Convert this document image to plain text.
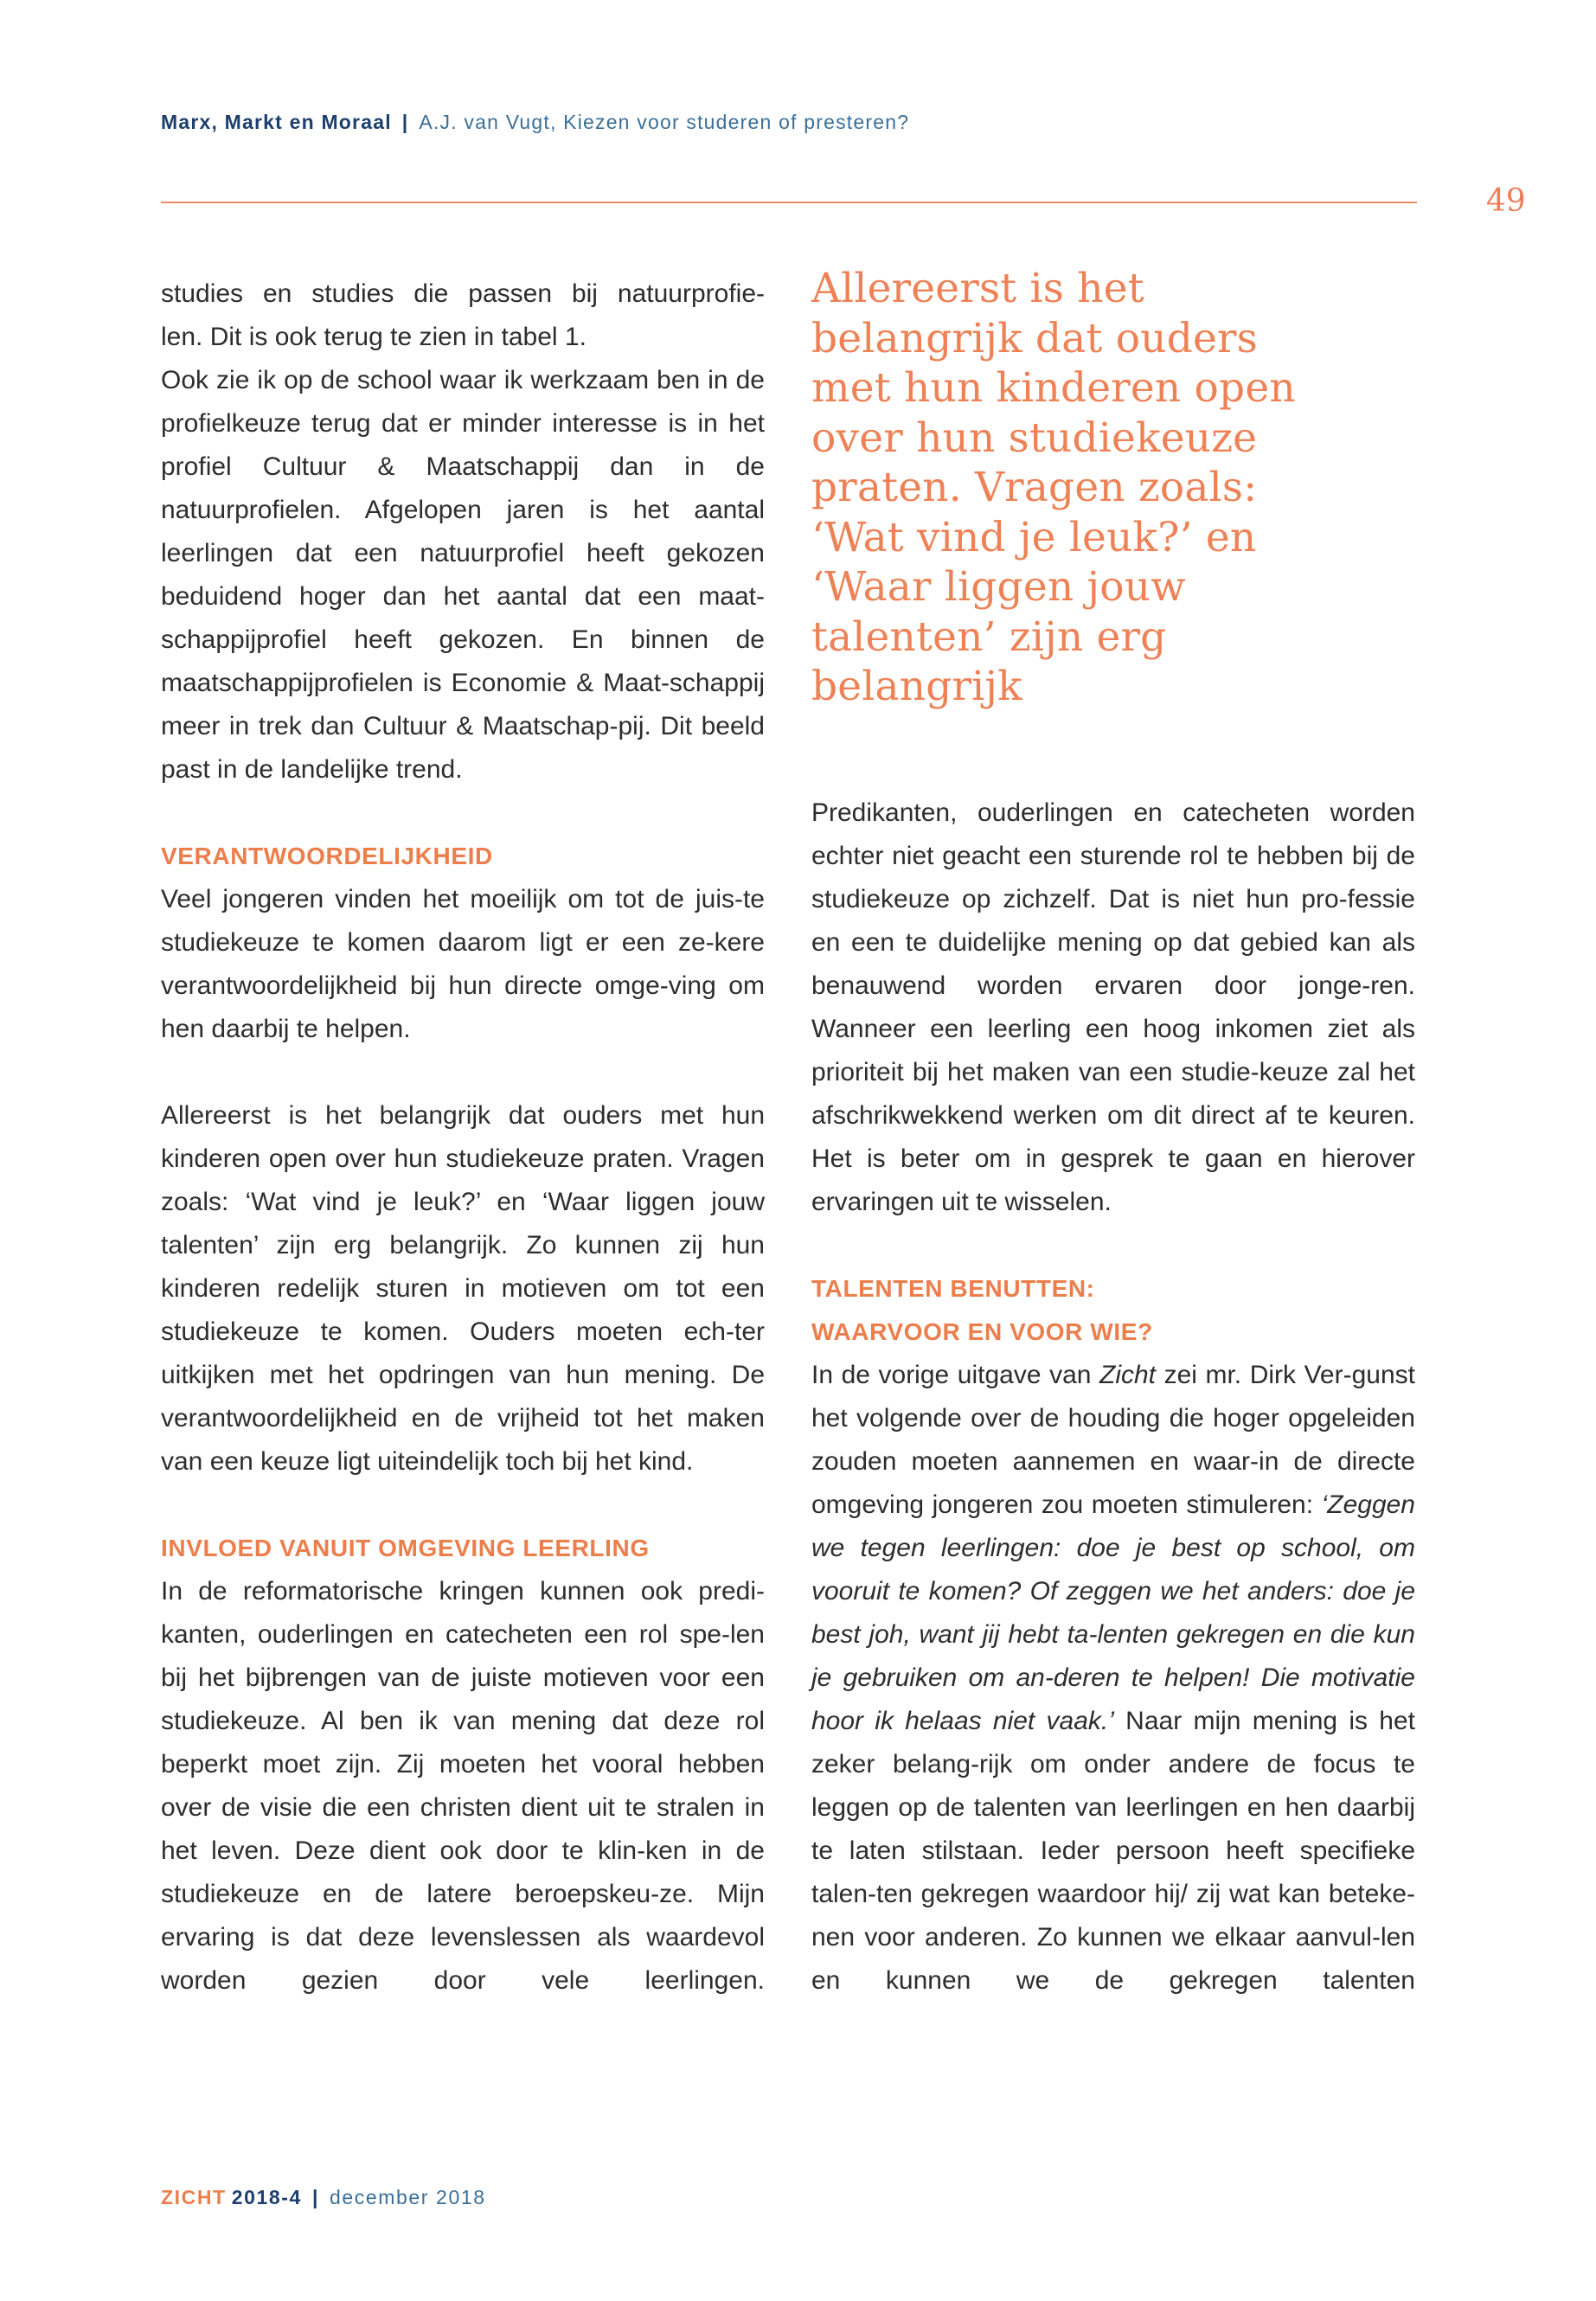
Marx, Markt en Moraal | A.J. van Vugt, Kiezen voor studeren of presteren?
49
studies en studies die passen bij natuurprofie-
len. Dit is ook terug te zien in tabel 1.
Ook zie ik op de school waar ik werkzaam ben in de profielkeuze terug dat er minder interesse is in het profiel Cultuur & Maatschappij dan in de natuurprofielen. Afgelopen jaren is het aantal leerlingen dat een natuurprofiel heeft gekozen beduidend hoger dan het aantal dat een maat-schappijprofiel heeft gekozen. En binnen de maatschappijprofielen is Economie & Maat-schappij meer in trek dan Cultuur & Maatschap-pij. Dit beeld past in de landelijke trend.
VERANTWOORDELIJKHEID
Veel jongeren vinden het moeilijk om tot de juis-te studiekeuze te komen daarom ligt er een ze-kere verantwoordelijkheid bij hun directe omge-ving om hen daarbij te helpen.
Allereerst is het belangrijk dat ouders met hun kinderen open over hun studiekeuze praten. Vragen zoals: ‘Wat vind je leuk?’ en ‘Waar liggen jouw talenten’ zijn erg belangrijk. Zo kunnen zij hun kinderen redelijk sturen in motieven om tot een studiekeuze te komen. Ouders moeten ech-ter uitkijken met het opdringen van hun mening. De verantwoordelijkheid en de vrijheid tot het maken van een keuze ligt uiteindelijk toch bij het kind.
INVLOED VANUIT OMGEVING LEERLING
In de reformatorische kringen kunnen ook predi-kanten, ouderlingen en catecheten een rol spe-len bij het bijbrengen van de juiste motieven voor een studiekeuze. Al ben ik van mening dat deze rol beperkt moet zijn. Zij moeten het vooral hebben over de visie die een christen dient uit te stralen in het leven. Deze dient ook door te klin-ken in de studiekeuze en de latere beroepskeu-ze. Mijn ervaring is dat deze levenslessen als waardevol worden gezien door vele leerlingen.
Allereerst is het
belangrijk dat ouders
met hun kinderen open
over hun studiekeuze
praten. Vragen zoals:
‘Wat vind je leuk?’ en
‘Waar liggen jouw
talenten’ zijn erg
belangrijk
Predikanten, ouderlingen en catecheten worden echter niet geacht een sturende rol te hebben bij de studiekeuze op zichzelf. Dat is niet hun pro-fessie en een te duidelijke mening op dat gebied kan als benauwend worden ervaren door jonge-ren. Wanneer een leerling een hoog inkomen ziet als prioriteit bij het maken van een studie-keuze zal het afschrikwekkend werken om dit direct af te keuren. Het is beter om in gesprek te gaan en hierover ervaringen uit te wisselen.
TALENTEN BENUTTEN:
WAARVOOR EN VOOR WIE?
In de vorige uitgave van Zicht zei mr. Dirk Ver-gunst het volgende over de houding die hoger opgeleiden zouden moeten aannemen en waar-in de directe omgeving jongeren zou moeten stimuleren: ‘Zeggen we tegen leerlingen: doe je best op school, om vooruit te komen? Of zeggen we het anders: doe je best joh, want jij hebt ta-lenten gekregen en die kun je gebruiken om an-deren te helpen! Die motivatie hoor ik helaas niet vaak.’ Naar mijn mening is het zeker belang-rijk om onder andere de focus te leggen op de talenten van leerlingen en hen daarbij te laten stilstaan. Ieder persoon heeft specifieke talen-ten gekregen waardoor hij/ zij wat kan beteke-nen voor anderen. Zo kunnen we elkaar aanvul-len en kunnen we de gekregen talenten
ZICHT 2018-4 | december 2018
